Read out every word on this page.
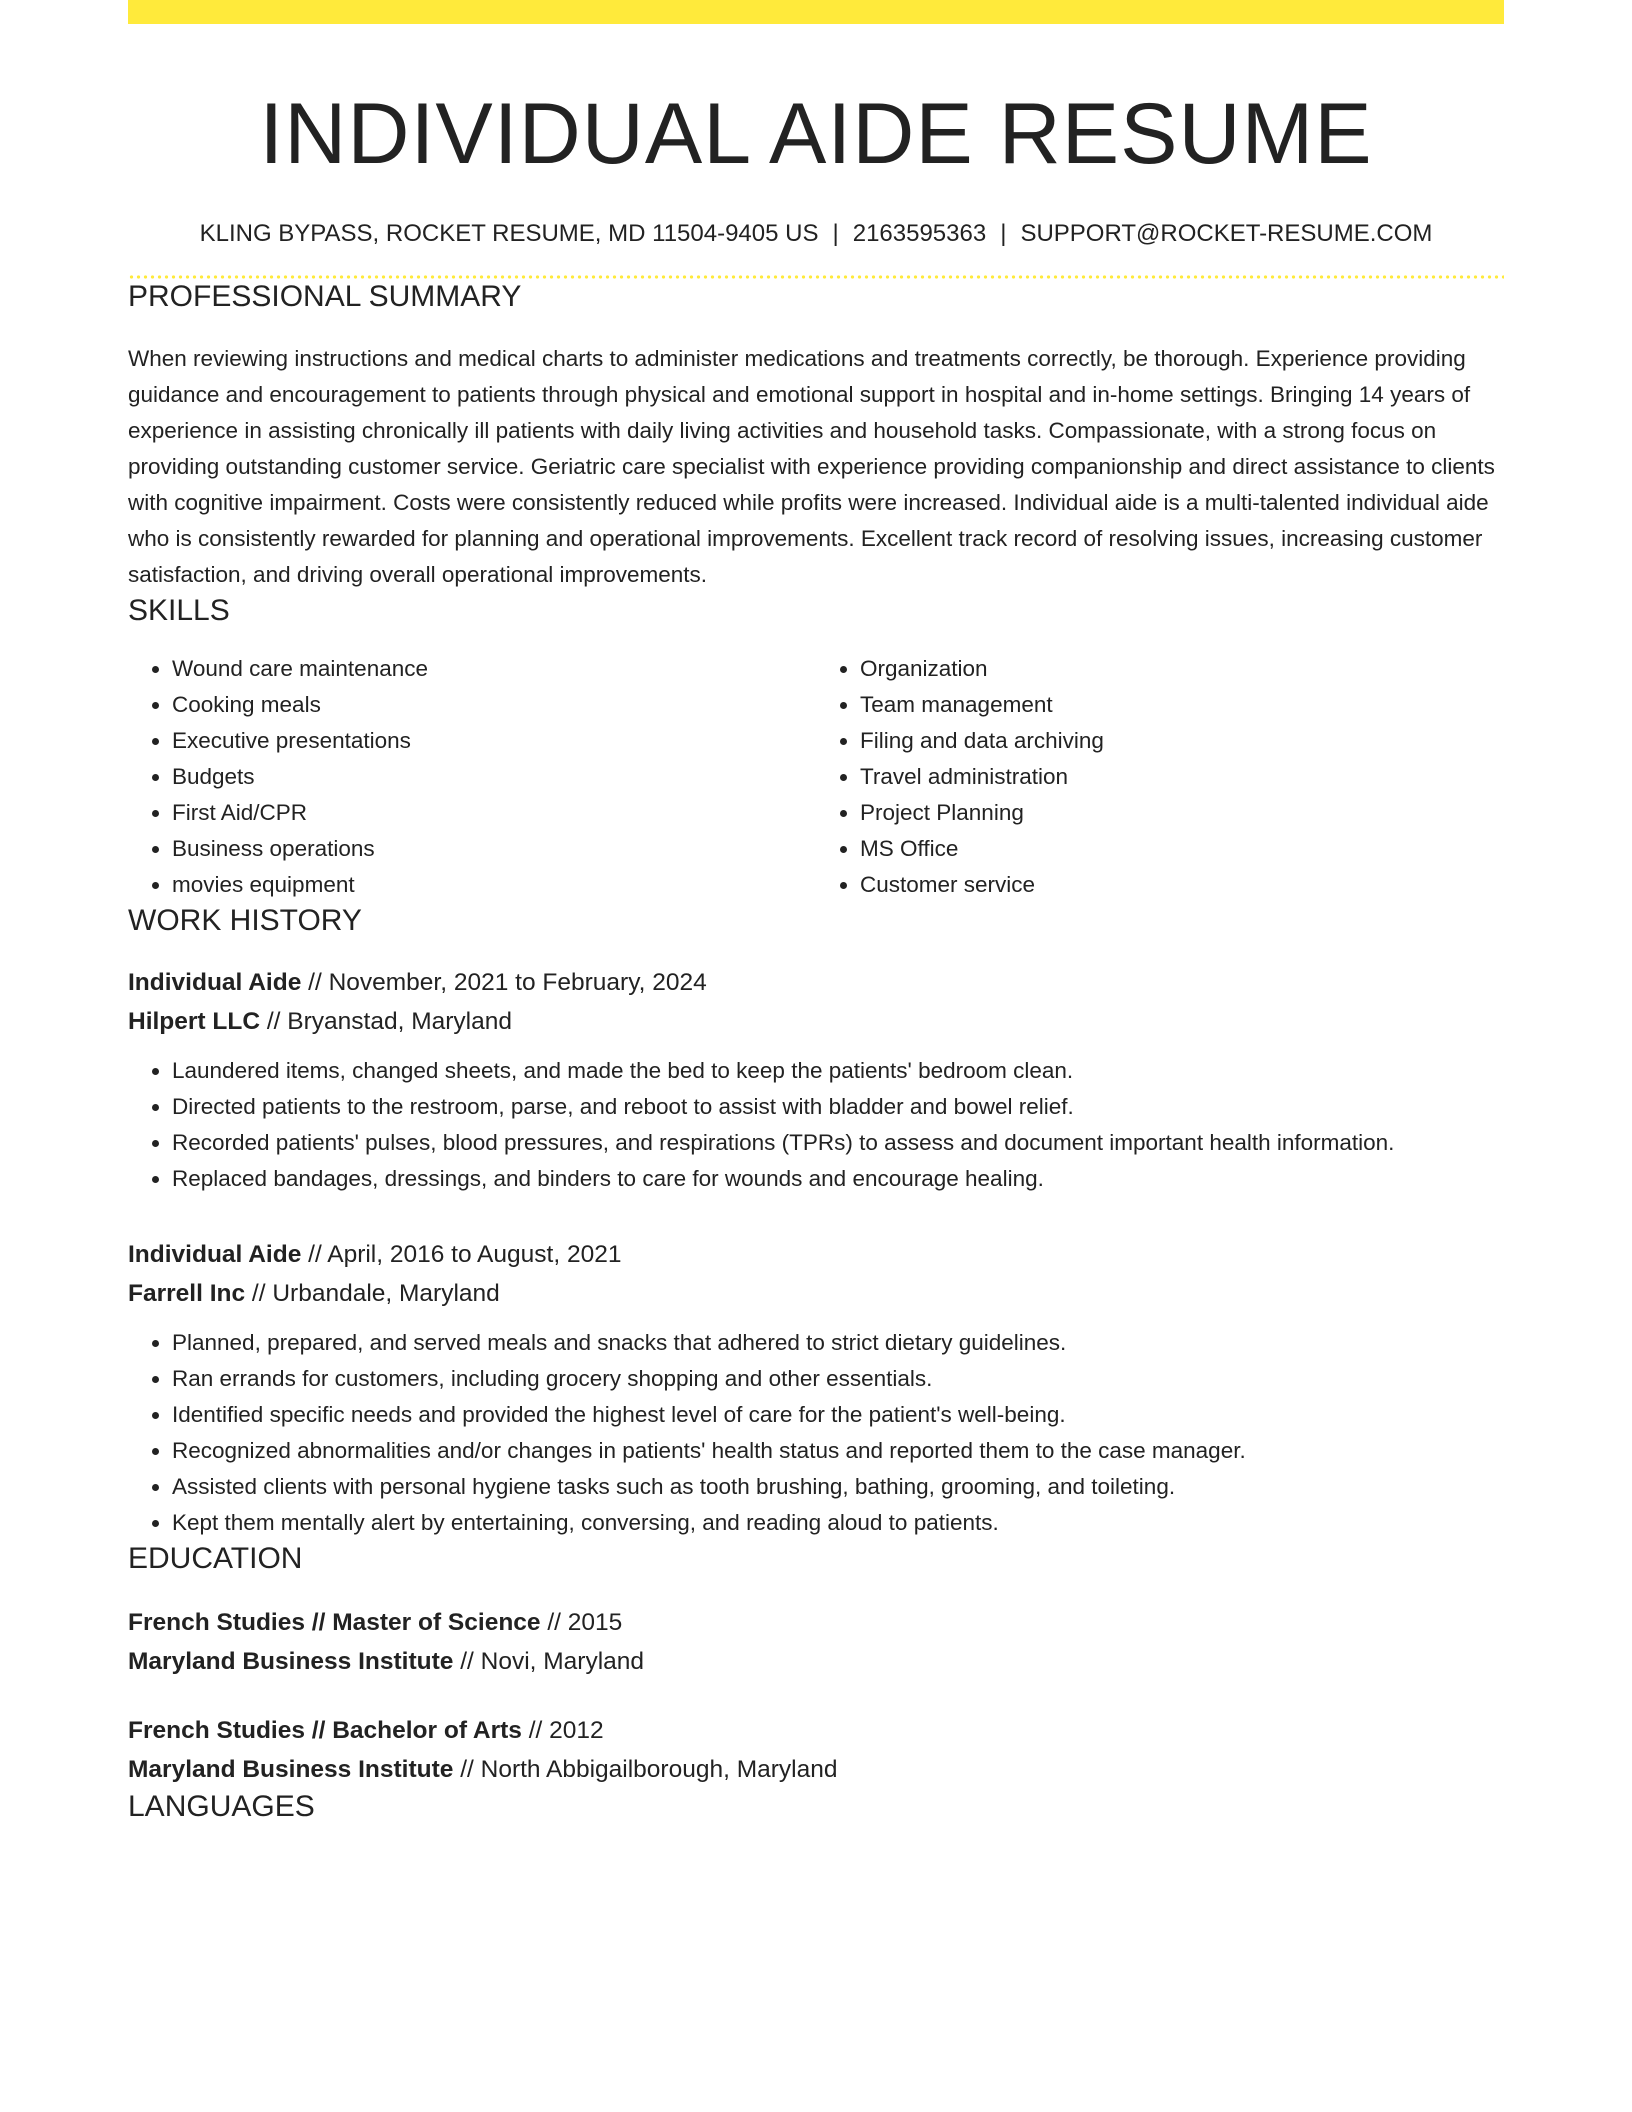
INDIVIDUAL AIDE RESUME
KLING BYPASS, ROCKET RESUME, MD 11504-9405 US | 2163595363 | SUPPORT@ROCKET-RESUME.COM
PROFESSIONAL SUMMARY

When reviewing instructions and medical charts to administer medications and treatments correctly, be thorough. Experience providing guidance and encouragement to patients through physical and emotional support in hospital and in-home settings. Bringing 14 years of experience in assisting chronically ill patients with daily living activities and household tasks. Compassionate, with a strong focus on providing outstanding customer service. Geriatric care specialist with experience providing companionship and direct assistance to clients with cognitive impairment. Costs were consistently reduced while profits were increased. Individual aide is a multi-talented individual aide who is consistently rewarded for planning and operational improvements. Excellent track record of resolving issues, increasing customer satisfaction, and driving overall operational improvements.

SKILLS
• Wound care maintenance
• Cooking meals
• Executive presentations
• Budgets
• First Aid/CPR
• Business operations
• movies equipment
• Organization
• Team management
• Filing and data archiving
• Travel administration
• Project Planning
• MS Office
• Customer service
WORK HISTORY
Individual Aide // November, 2021 to February, 2024
Hilpert LLC // Bryanstad, Maryland
• Laundered items, changed sheets, and made the bed to keep the patients' bedroom clean.
• Directed patients to the restroom, parse, and reboot to assist with bladder and bowel relief.
• Recorded patients' pulses, blood pressures, and respirations (TPRs) to assess and document important health information.
• Replaced bandages, dressings, and binders to care for wounds and encourage healing.
Individual Aide // April, 2016 to August, 2021
Farrell Inc // Urbandale, Maryland
• Planned, prepared, and served meals and snacks that adhered to strict dietary guidelines.
• Ran errands for customers, including grocery shopping and other essentials.
• Identified specific needs and provided the highest level of care for the patient's well-being.
• Recognized abnormalities and/or changes in patients' health status and reported them to the case manager.
• Assisted clients with personal hygiene tasks such as tooth brushing, bathing, grooming, and toileting.
• Kept them mentally alert by entertaining, conversing, and reading aloud to patients.
EDUCATION
French Studies // Master of Science // 2015
Maryland Business Institute // Novi, Maryland
French Studies // Bachelor of Arts // 2012
Maryland Business Institute // North Abbigailborough, Maryland
LANGUAGES
